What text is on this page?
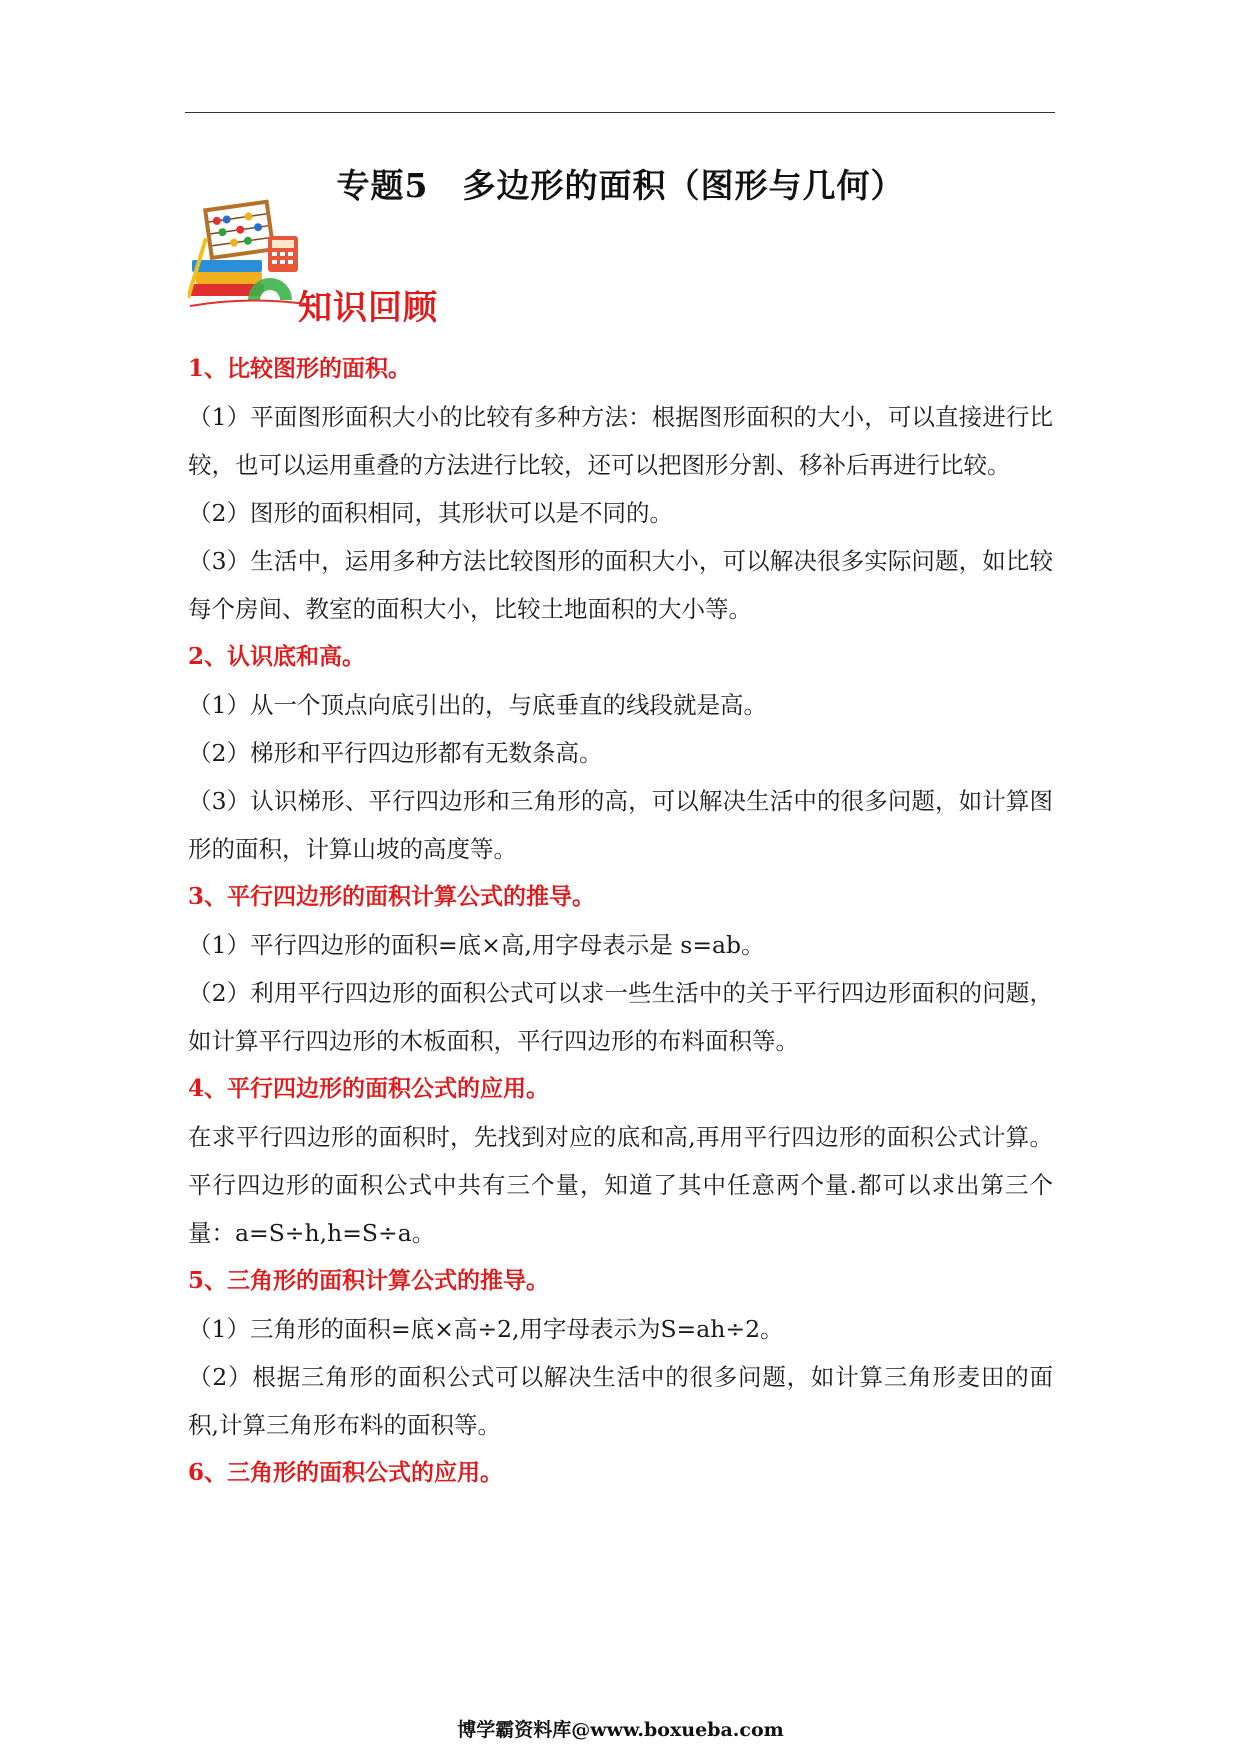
专题5　多边形的面积（图形与几何）
知识回顾
1、比较图形的面积。

（1）平面图形面积大小的比较有多种方法：根据图形面积的大小，可以直接进行比较，也可以运用重叠的方法进行比较，还可以把图形分割、移补后再进行比较。

（2）图形的面积相同，其形状可以是不同的。

（3）生活中，运用多种方法比较图形的面积大小，可以解决很多实际问题，如比较每个房间、教室的面积大小，比较土地面积的大小等。

2、认识底和高。

（1）从一个顶点向底引出的，与底垂直的线段就是高。

（2）梯形和平行四边形都有无数条高。

（3）认识梯形、平行四边形和三角形的高，可以解决生活中的很多问题，如计算图形的面积，计算山坡的高度等。

3、平行四边形的面积计算公式的推导。

（1）平行四边形的面积=底×高,用字母表示是 s=ab。

（2）利用平行四边形的面积公式可以求一些生活中的关于平行四边形面积的问题，如计算平行四边形的木板面积，平行四边形的布料面积等。

4、平行四边形的面积公式的应用。

在求平行四边形的面积时，先找到对应的底和高,再用平行四边形的面积公式计算。平行四边形的面积公式中共有三个量，知道了其中任意两个量.都可以求出第三个量：a=S÷h,h=S÷a。

5、三角形的面积计算公式的推导。

（1）三角形的面积=底×高÷2,用字母表示为S=ah÷2。

（2）根据三角形的面积公式可以解决生活中的很多问题，如计算三角形麦田的面积,计算三角形布料的面积等。

6、三角形的面积公式的应用。
博学霸资料库@www.boxueba.com
